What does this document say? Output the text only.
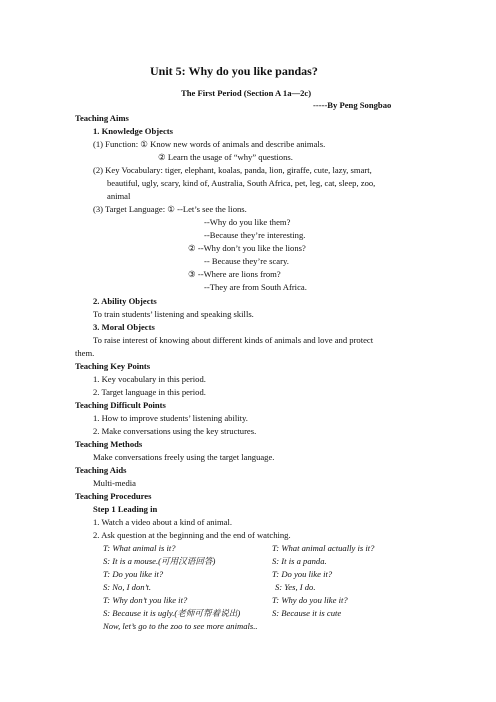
Unit 5: Why do you like pandas?
The First Period (Section A 1a—2c)
-----By Peng Songbao
Teaching Aims
1. Knowledge Objects
(1) Function: ① Know new words of animals and describe animals.
② Learn the usage of “why” questions.
(2) Key Vocabulary: tiger, elephant, koalas, panda, lion, giraffe, cute, lazy, smart,
beautiful, ugly, scary, kind of, Australia, South Africa, pet, leg, cat, sleep, zoo,
animal
(3) Target Language: ① --Let’s see the lions.
--Why do you like them?
--Because they’re interesting.
② --Why don’t you like the lions?
-- Because they’re scary.
③ --Where are lions from?
--They are from South Africa.
2. Ability Objects
To train students’ listening and speaking skills.
3. Moral Objects
To raise interest of knowing about different kinds of animals and love and protect
them.
Teaching Key Points
1. Key vocabulary in this period.
2. Target language in this period.
Teaching Difficult Points
1. How to improve students’ listening ability.
2. Make conversations using the key structures.
Teaching Methods
Make conversations freely using the target language.
Teaching Aids
Multi-media
Teaching Procedures
Step 1 Leading in
1. Watch a video about a kind of animal.
2. Ask question at the beginning and the end of watching.
T: What animal is it?	T: What animal actually is it?
S: It is a mouse.(可用汉语回答)	S: It is a panda.
T: Do you like it?	T: Do you like it?
S: No, I don’t.	S: Yes, I do.
T: Why don’t you like it?	T: Why do you like it?
S: Because it is ugly.(老师可帮着说出)	S: Because it is cute
Now, let’s go to the zoo to see more animals..
